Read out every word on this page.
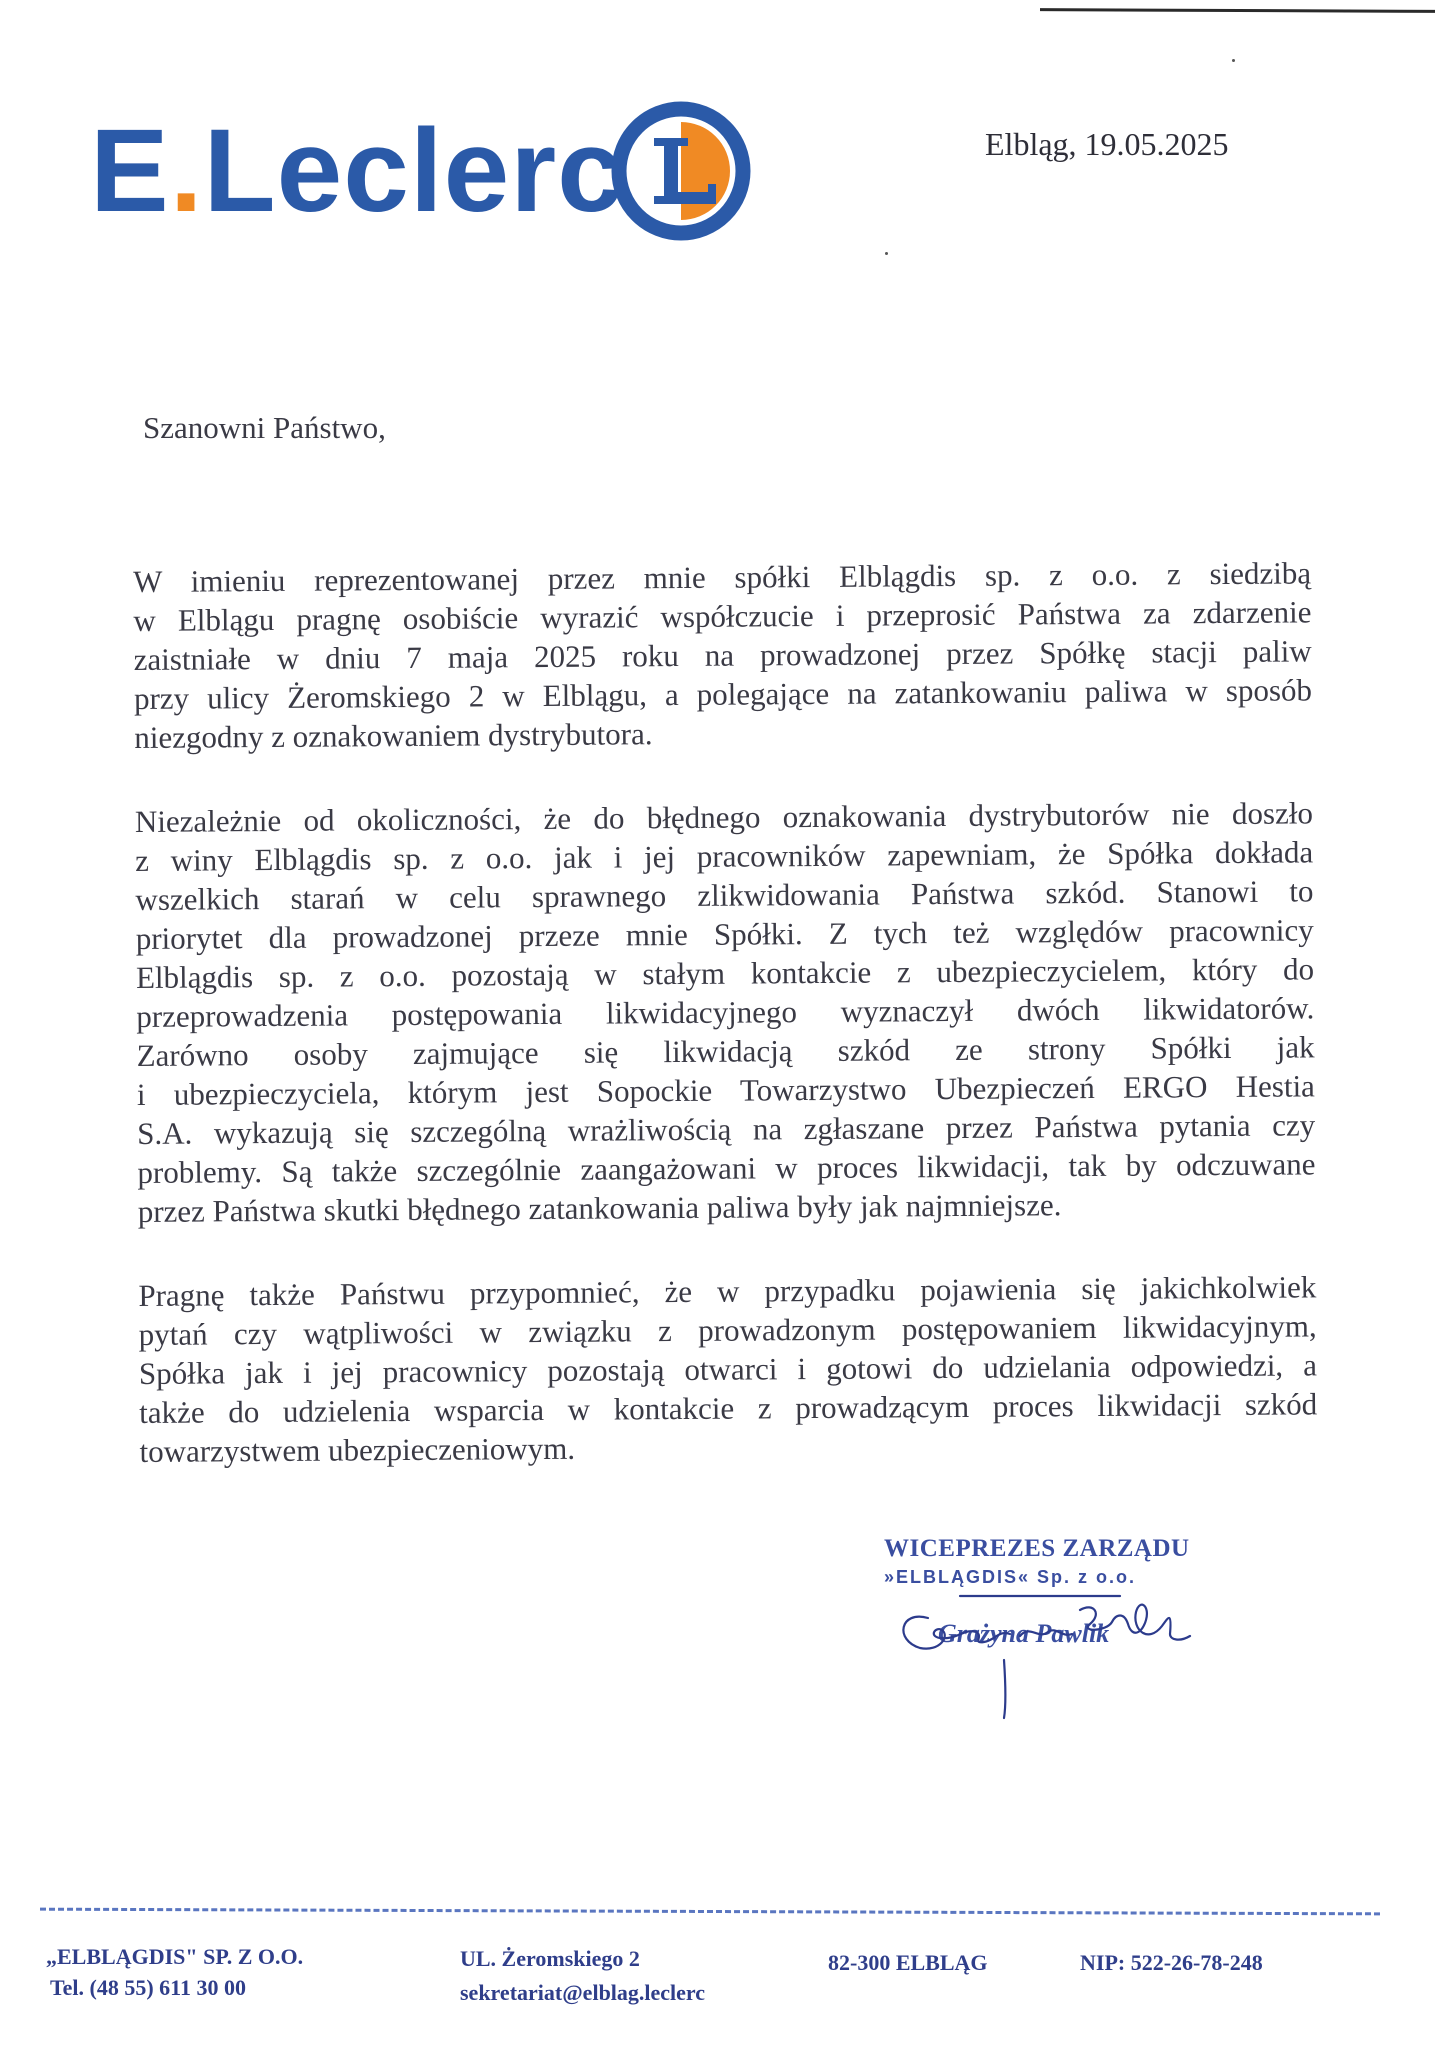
E.Leclerc	Elbląg, 19.05.2025
Szanowni Państwo,

W imieniu reprezentowanej przez mnie spółki Elblągdis sp. z o.o. z siedzibą
w Elblągu pragnę osobiście wyrazić współczucie i przeprosić Państwa za zdarzenie
zaistniałe w dniu 7 maja 2025 roku na prowadzonej przez Spółkę stacji paliw
przy ulicy Żeromskiego 2 w Elblągu, a polegające na zatankowaniu paliwa w sposób
niezgodny z oznakowaniem dystrybutora.

Niezależnie od okoliczności, że do błędnego oznakowania dystrybutorów nie doszło
z winy Elblągdis sp. z o.o. jak i jej pracowników zapewniam, że Spółka dokłada
wszelkich starań w celu sprawnego zlikwidowania Państwa szkód. Stanowi to
priorytet dla prowadzonej przeze mnie Spółki. Z tych też względów pracownicy
Elblągdis sp. z o.o. pozostają w stałym kontakcie z ubezpieczycielem, który do
przeprowadzenia postępowania likwidacyjnego wyznaczył dwóch likwidatorów.
Zarówno osoby zajmujące się likwidacją szkód ze strony Spółki jak
i ubezpieczyciela, którym jest Sopockie Towarzystwo Ubezpieczeń ERGO Hestia
S.A. wykazują się szczególną wrażliwością na zgłaszane przez Państwa pytania czy
problemy. Są także szczególnie zaangażowani w proces likwidacji, tak by odczuwane
przez Państwa skutki błędnego zatankowania paliwa były jak najmniejsze.

Pragnę także Państwu przypomnieć, że w przypadku pojawienia się jakichkolwiek
pytań czy wątpliwości w związku z prowadzonym postępowaniem likwidacyjnym,
Spółka jak i jej pracownicy pozostają otwarci i gotowi do udzielania odpowiedzi, a
także do udzielenia wsparcia w kontakcie z prowadzącym proces likwidacji szkód
towarzystwem ubezpieczeniowym.

WICEPREZES ZARZĄDU
»ELBLĄGDIS« Sp. z o.o.
Grażyna Pawlik
„ELBLĄGDIS" SP. Z O.O.
Tel. (48 55) 611 30 00
UL. Żeromskiego 2
sekretariat@elblag.leclerc
82-300 ELBLĄG	NIP: 522-26-78-248
